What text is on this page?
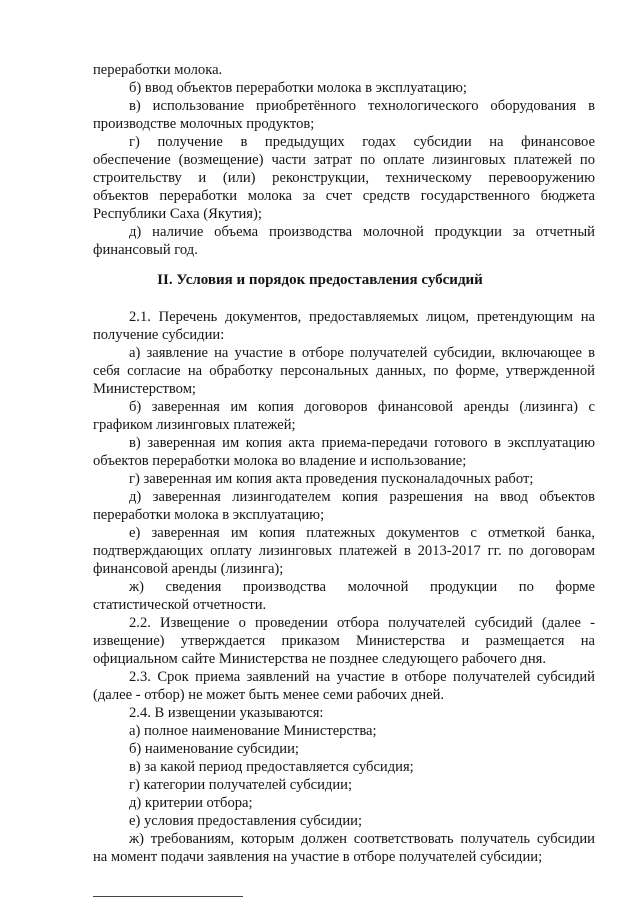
переработки молока.
б) ввод объектов переработки молока в эксплуатацию;
в) использование приобретённого технологического оборудования в
производстве молочных продуктов;
г) получение в предыдущих годах субсидии на финансовое
обеспечение (возмещение) части затрат по оплате лизинговых платежей по
строительству и (или) реконструкции, техническому перевооружению
объектов переработки молока за счет средств государственного бюджета
Республики Саха (Якутия);
д) наличие объема производства молочной продукции за отчетный
финансовый год.
II. Условия и порядок предоставления субсидий
2.1. Перечень документов, предоставляемых лицом, претендующим на
получение субсидии:
а) заявление на участие в отборе получателей субсидии, включающее в
себя согласие на обработку персональных данных, по форме, утвержденной
Министерством;
б) заверенная им копия договоров финансовой аренды (лизинга) с
графиком лизинговых платежей;
в) заверенная им копия акта приема-передачи готового в эксплуатацию
объектов переработки молока во владение и использование;
г) заверенная им копия акта проведения пусконаладочных работ;
д) заверенная лизингодателем копия разрешения на ввод объектов
переработки молока в эксплуатацию;
е) заверенная им копия платежных документов с отметкой банка,
подтверждающих оплату лизинговых платежей в 2013-2017 гг. по договорам
финансовой аренды (лизинга);
ж) сведения производства молочной продукции по форме
статистической отчетности.
2.2. Извещение о проведении отбора получателей субсидий (далее -
извещение) утверждается приказом Министерства и размещается на
официальном сайте Министерства не позднее следующего рабочего дня.
2.3. Срок приема заявлений на участие в отборе получателей субсидий
(далее - отбор) не может быть менее семи рабочих дней.
2.4. В извещении указываются:
а) полное наименование Министерства;
б) наименование субсидии;
в) за какой период предоставляется субсидия;
г) категории получателей субсидии;
д) критерии отбора;
е) условия предоставления субсидии;
ж) требованиям, которым должен соответствовать получатель субсидии
на момент подачи заявления на участие в отборе получателей субсидии;
